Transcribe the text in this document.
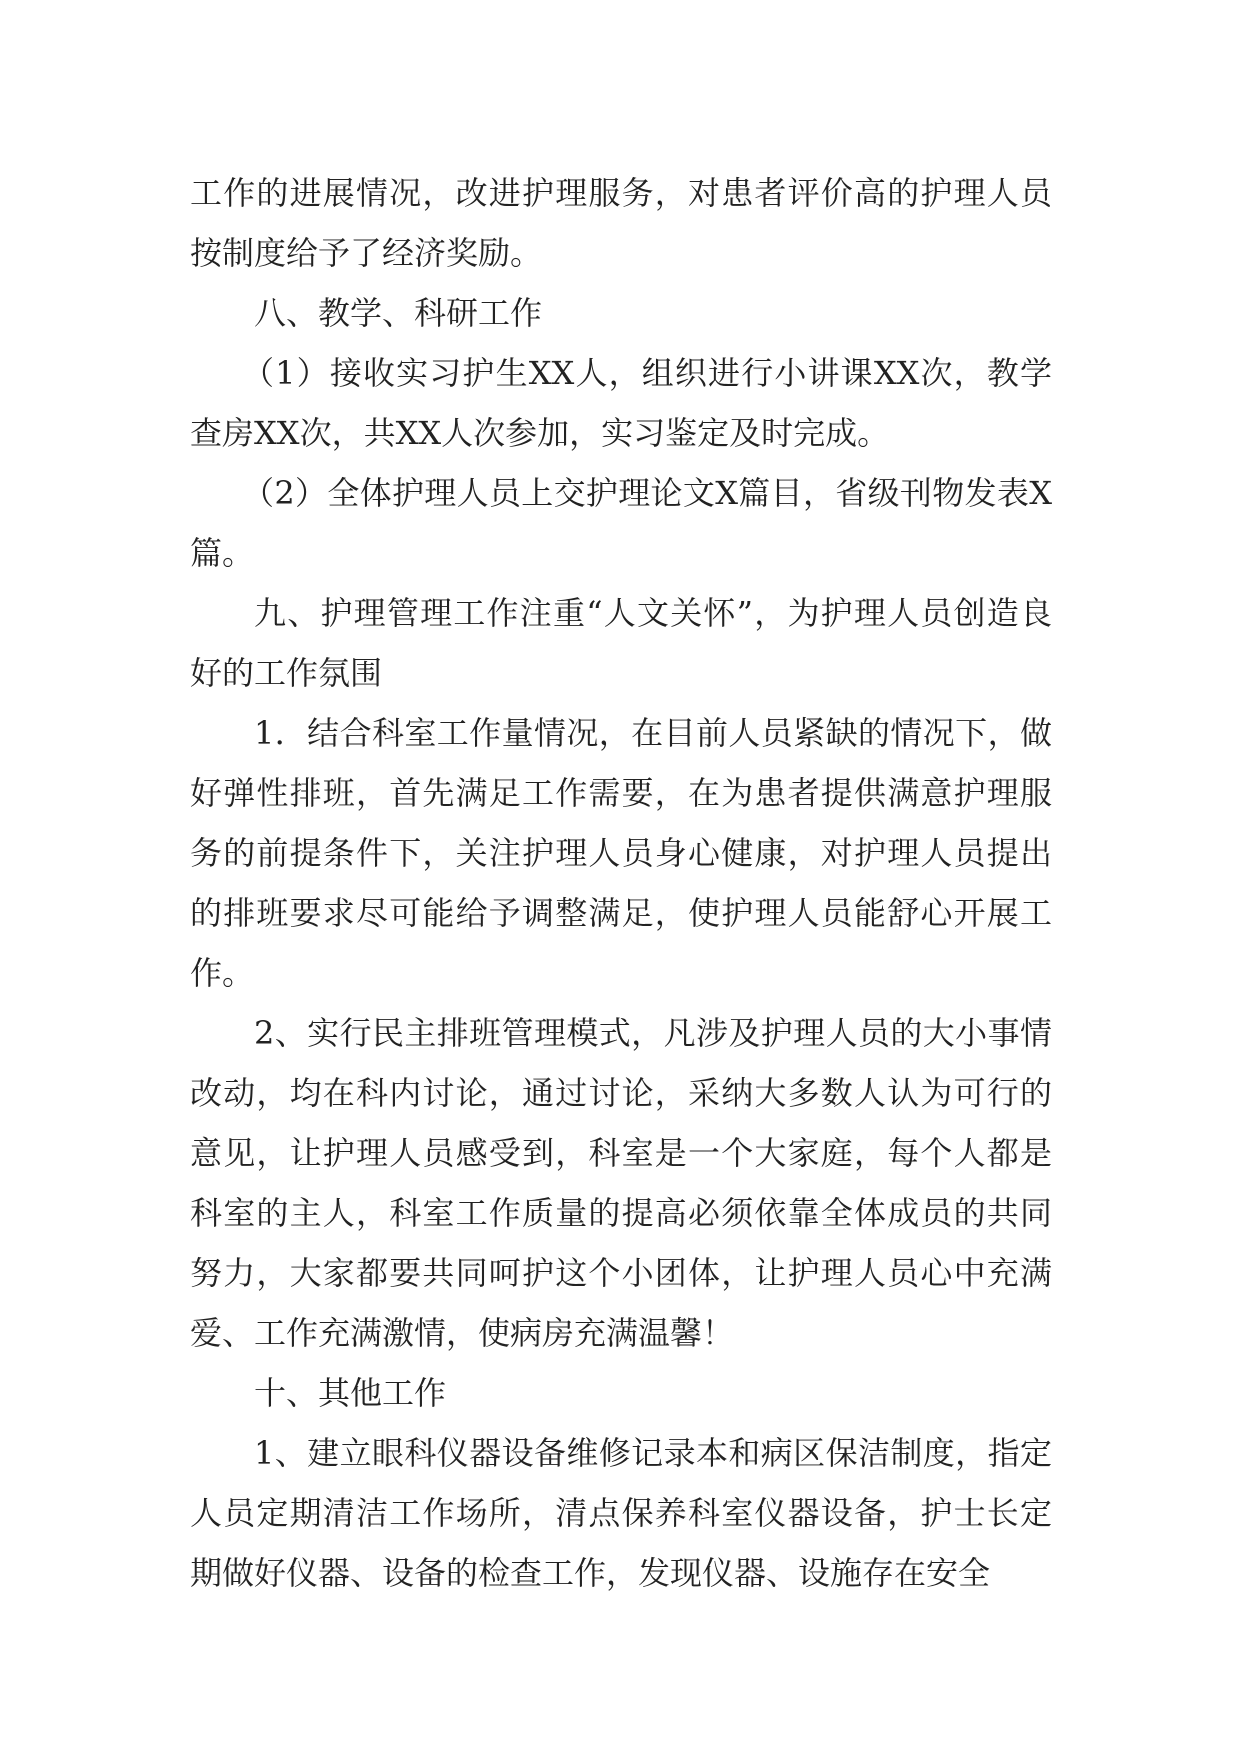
工作的进展情况，改进护理服务，对患者评价高的护理人员按制度给予了经济奖励。

八、教学、科研工作

（1）接收实习护生XX人，组织进行小讲课XX次，教学查房XX次，共XX人次参加，实习鉴定及时完成。

（2）全体护理人员上交护理论文X篇目，省级刊物发表X篇。

九、护理管理工作注重“人文关怀”，为护理人员创造良好的工作氛围

1．结合科室工作量情况，在目前人员紧缺的情况下，做好弹性排班，首先满足工作需要，在为患者提供满意护理服务的前提条件下，关注护理人员身心健康，对护理人员提出的排班要求尽可能给予调整满足，使护理人员能舒心开展工作。

2、实行民主排班管理模式，凡涉及护理人员的大小事情改动，均在科内讨论，通过讨论，采纳大多数人认为可行的意见，让护理人员感受到，科室是一个大家庭，每个人都是科室的主人，科室工作质量的提高必须依靠全体成员的共同努力，大家都要共同呵护这个小团体，让护理人员心中充满爱、工作充满激情，使病房充满温馨！

十、其他工作

1、建立眼科仪器设备维修记录本和病区保洁制度，指定人员定期清洁工作场所，清点保养科室仪器设备，护士长定期做好仪器、设备的检查工作，发现仪器、设施存在安全
